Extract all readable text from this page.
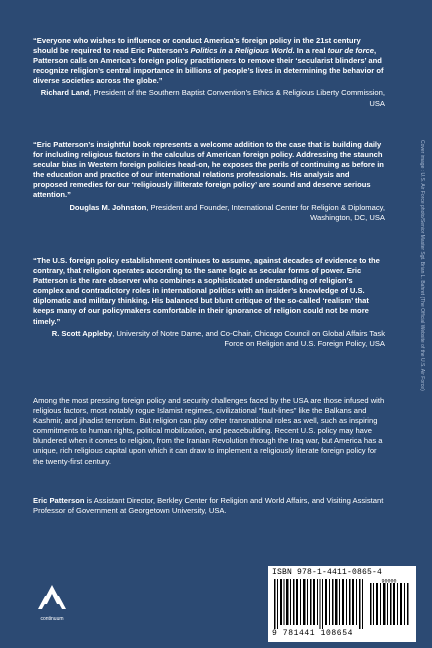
“Everyone who wishes to influence or conduct America’s foreign policy in the 21st century should be required to read Eric Patterson’s Politics in a Religious World. In a real tour de force, Patterson calls on America’s foreign policy practitioners to remove their ‘secularist blinders’ and recognize religion’s central importance in billions of people’s lives in determining the behavior of diverse societies across the globe.”
Richard Land, President of the Southern Baptist Convention’s Ethics & Religious Liberty Commission, USA
“Eric Patterson’s insightful book represents a welcome addition to the case that is building daily for including religious factors in the calculus of American foreign policy. Addressing the staunch secular bias in Western foreign policies head-on, he exposes the perils of continuing as before in the education and practice of our international relations professionals. His analysis and proposed remedies for our ‘religiously illiterate foreign policy’ are sound and deserve serious attention.”
Douglas M. Johnston, President and Founder, International Center for Religion & Diplomacy, Washington, DC, USA
“The U.S. foreign policy establishment continues to assume, against decades of evidence to the contrary, that religion operates according to the same logic as secular forms of power. Eric Patterson is the rare observer who combines a sophisticated understanding of religion’s complex and contradictory roles in international politics with an insider’s knowledge of U.S. diplomatic and military thinking. His balanced but blunt critique of the so-called ‘realism’ that keeps many of our policymakers comfortable in their ignorance of religion could not be more timely.”
R. Scott Appleby, University of Notre Dame, and Co-Chair, Chicago Council on Global Affairs Task Force on Religion and U.S. Foreign Policy, USA
Among the most pressing foreign policy and security challenges faced by the USA are those infused with religious factors, most notably rogue Islamist regimes, civilizational “fault-lines” like the Balkans and Kashmir, and jihadist terrorism. But religion can play other transnational roles as well, such as inspiring commitments to human rights, political mobilization, and peacebuilding. Recent U.S. policy may have blundered when it comes to religion, from the Iranian Revolution through the Iraq war, but America has a unique, rich religious capital upon which it can draw to implement a religiously literate foreign policy for the twenty-first century.
Eric Patterson is Assistant Director, Berkley Center for Religion and World Affairs, and Visiting Assistant Professor of Government at Georgetown University, USA.
Cover image : U.S. Air Force photo/Senior Master Sgt. Brian L. Bahret (The Official Website of the U.S. Air Force)
continuum
ISBN 978-1-4411-0865-4
90000
9 781441 108654
